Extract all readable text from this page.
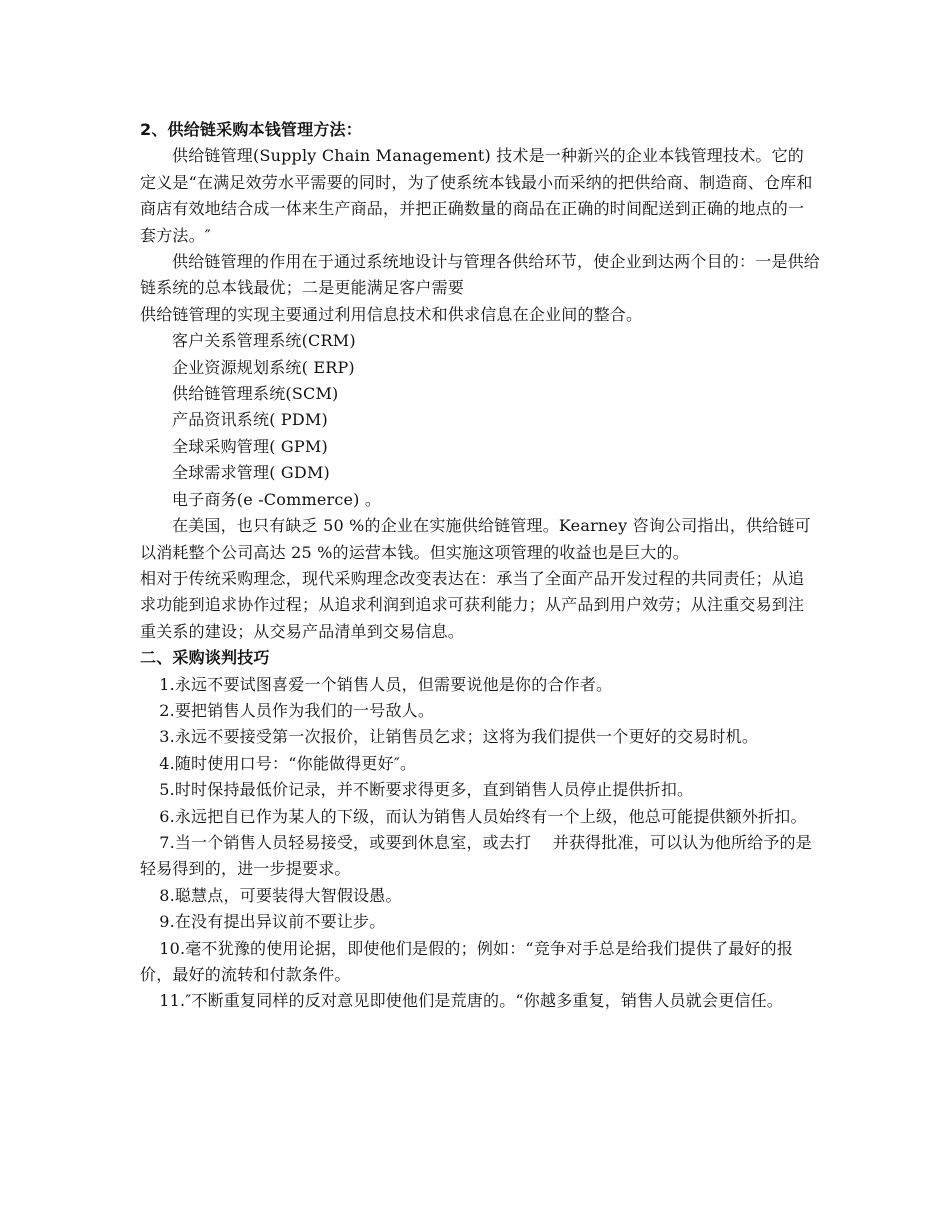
2、供给链采购本钱管理方法：

供给链管理(Supply Chain Management) 技术是一种新兴的企业本钱管理技术。它的定义是“在满足效劳水平需要的同时，为了使系统本钱最小而采纳的把供给商、制造商、仓库和商店有效地结合成一体来生产商品，并把正确数量的商品在正确的时间配送到正确的地点的一套方法。″

供给链管理的作用在于通过系统地设计与管理各供给环节，使企业到达两个目的：一是供给链系统的总本钱最优；二是更能满足客户需要

供给链管理的实现主要通过利用信息技术和供求信息在企业间的整合。

客户关系管理系统(CRM)

企业资源规划系统( ERP)

供给链管理系统(SCM)

产品资讯系统( PDM)

全球采购管理( GPM)

全球需求管理( GDM)

电子商务(e -Commerce) 。

在美国，也只有缺乏 50 %的企业在实施供给链管理。Kearney 咨询公司指出，供给链可以消耗整个公司高达 25 %的运营本钱。但实施这项管理的收益也是巨大的。

相对于传统采购理念，现代采购理念改变表达在：承当了全面产品开发过程的共同责任；从追求功能到追求协作过程；从追求利润到追求可获利能力；从产品到用户效劳；从注重交易到注重关系的建设；从交易产品清单到交易信息。

二、采购谈判技巧

1.永远不要试图喜爱一个销售人员，但需要说他是你的合作者。

2.要把销售人员作为我们的一号敌人。

3.永远不要接受第一次报价，让销售员乞求；这将为我们提供一个更好的交易时机。

4.随时使用口号：“你能做得更好″。

5.时时保持最低价记录，并不断要求得更多，直到销售人员停止提供折扣。

6.永远把自已作为某人的下级，而认为销售人员始终有一个上级，他总可能提供额外折扣。

7.当一个销售人员轻易接受，或要到休息室，或去打　 并获得批准，可以认为他所给予的是轻易得到的，进一步提要求。

8.聪慧点，可要装得大智假设愚。

9.在没有提出异议前不要让步。

10.毫不犹豫的使用论据，即使他们是假的；例如：“竞争对手总是给我们提供了最好的报价，最好的流转和付款条件。

11.″不断重复同样的反对意见即使他们是荒唐的。“你越多重复，销售人员就会更信任。
